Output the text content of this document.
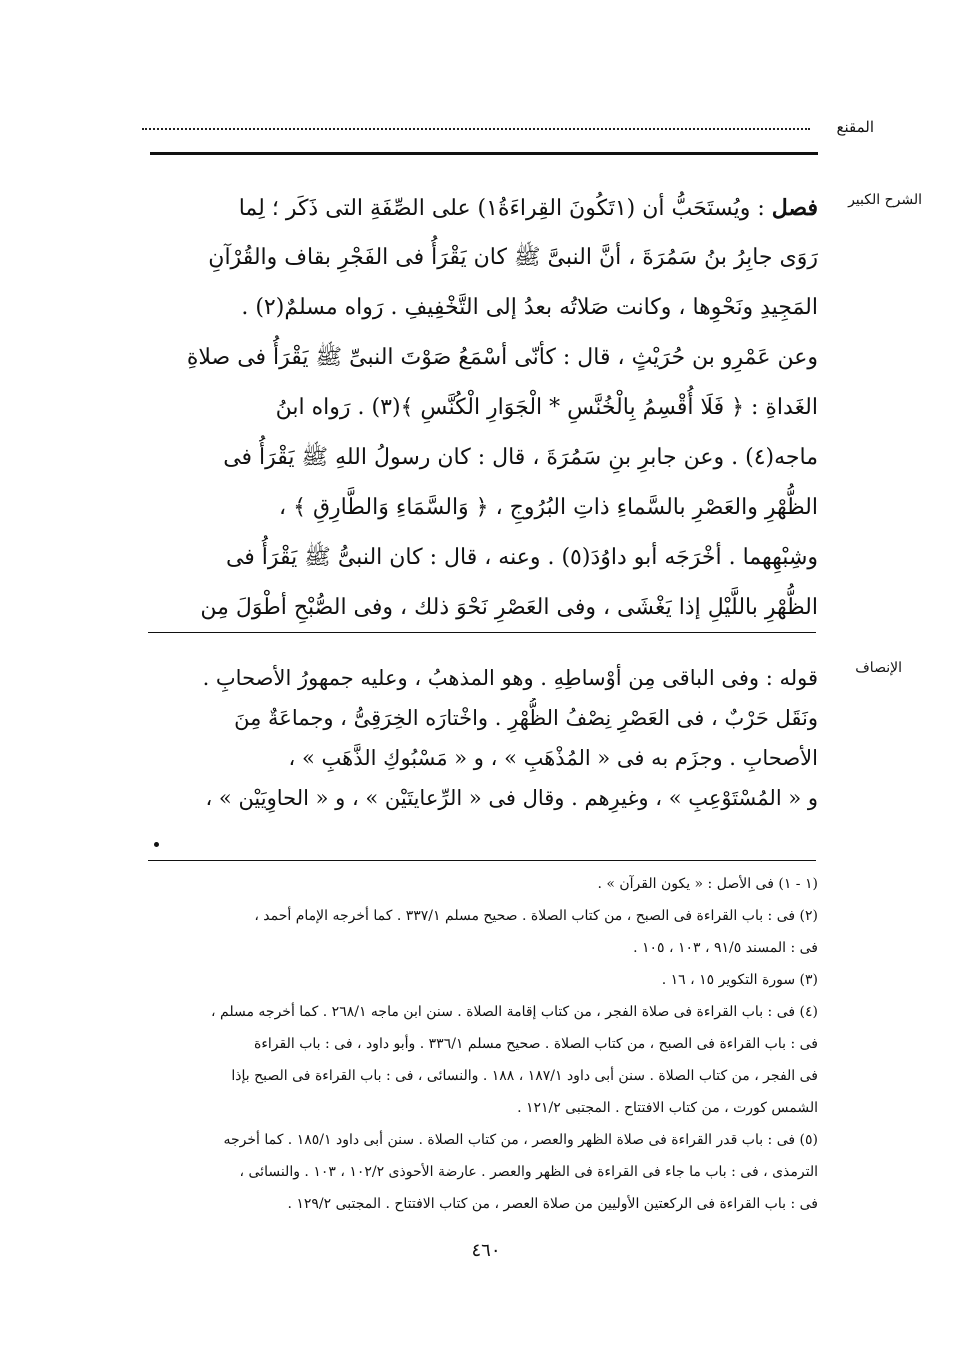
المقنع
الشرح الكبير
الإنصاف

فصل : ويُستَحَبُّ أن (١تَكُونَ القِراءَةُ١) على الصِّفَةِ التى ذَكَر ؛ لِما

رَوَى جابِرُ بنُ سَمُرَةَ ، أنَّ النبىَّ ﷺ كان يَقْرَأُ فى الفَجْرِ بقاف والقُرْآنِ

المَجِيدِ ونَحْوِها ، وكانت صَلاتُه بعدُ إلى التَّخْفِيفِ . رَواه مسلمٌ(٢) .

وعن عَمْرِو بن حُرَيْثٍ ، قال : كأنّى أسْمَعُ صَوْتَ النبىِّ ﷺ يَقْرَأُ فى صلاةِ

الغَداةِ : ﴿ فَلَا أُقْسِمُ بِالْخُنَّسِ * الْجَوَارِ الْكُنَّسِ ﴾(٣) . رَواه ابنُ

ماجه(٤) . وعن جابرِ بنِ سَمُرَةَ ، قال : كان رسولُ اللهِ ﷺ يَقْرَأُ فى

الظُّهْرِ والعَصْرِ بالسَّماءِ ذاتِ البُرُوجِ ، ﴿ وَالسَّمَاءِ وَالطَّارِقِ ﴾ ،

وشِبْهِهما . أخْرَجَه أبو داوُدَ(٥) . وعنه ، قال : كان النبىُّ ﷺ يَقْرَأُ فى

الظُّهْرِ باللَّيْلِ إذا يَغْشَى ، وفى العَصْرِ نَحْوَ ذلك ، وفى الصُّبْحِ أطْوَلَ مِن

قوله : وفى الباقى مِن أوْساطِهِ . وهو المذهبُ ، وعليه جمهورُ الأصحابِ .

ونَقَل حَرْبٌ ، فى العَصْرِ نِصْفُ الظُّهْرِ . واخْتارَه الخِرَقِىُّ ، وجماعَةٌ مِنَ

الأصحابِ . وجزَم به فى « المُذْهَبِ » ، و « مَسْبُوكِ الذَّهَبِ » ،

و « المُسْتَوْعِبِ » ، وغيرِهم . وقال فى « الرِّعايتَيْن » ، و « الحاوِيَيْن » ،

(١ - ١) فى الأصل : « يكون القرآن » .

(٢) فى : باب القراءة فى الصبح ، من كتاب الصلاة . صحيح مسلم ٣٣٧/١ . كما أخرجه الإمام أحمد ،

فى : المسند ٩١/٥ ، ١٠٣ ، ١٠٥ .

(٣) سورة التكوير ١٥ ، ١٦ .

(٤) فى : باب القراءة فى صلاة الفجر ، من كتاب إقامة الصلاة . سنن ابن ماجه ٢٦٨/١ . كما أخرجه مسلم ،

فى : باب القراءة فى الصبح ، من كتاب الصلاة . صحيح مسلم ٣٣٦/١ . وأبو داود ، فى : باب القراءة

فى الفجر ، من كتاب الصلاة . سنن أبى داود ١٨٧/١ ، ١٨٨ . والنسائى ، فى : باب القراءة فى الصبح بإذا

الشمس كورت ، من كتاب الافتتاح . المجتبى ١٢١/٢ .

(٥) فى : باب قدر القراءة فى صلاة الظهر والعصر ، من كتاب الصلاة . سنن أبى داود ١٨٥/١ . كما أخرجه

الترمذى ، فى : باب ما جاء فى القراءة فى الظهر والعصر . عارضة الأحوذى ١٠٢/٢ ، ١٠٣ . والنسائى ،

فى : باب القراءة فى الركعتين الأوليين من صلاة العصر ، من كتاب الافتتاح . المجتبى ١٢٩/٢ .

٤٦٠
